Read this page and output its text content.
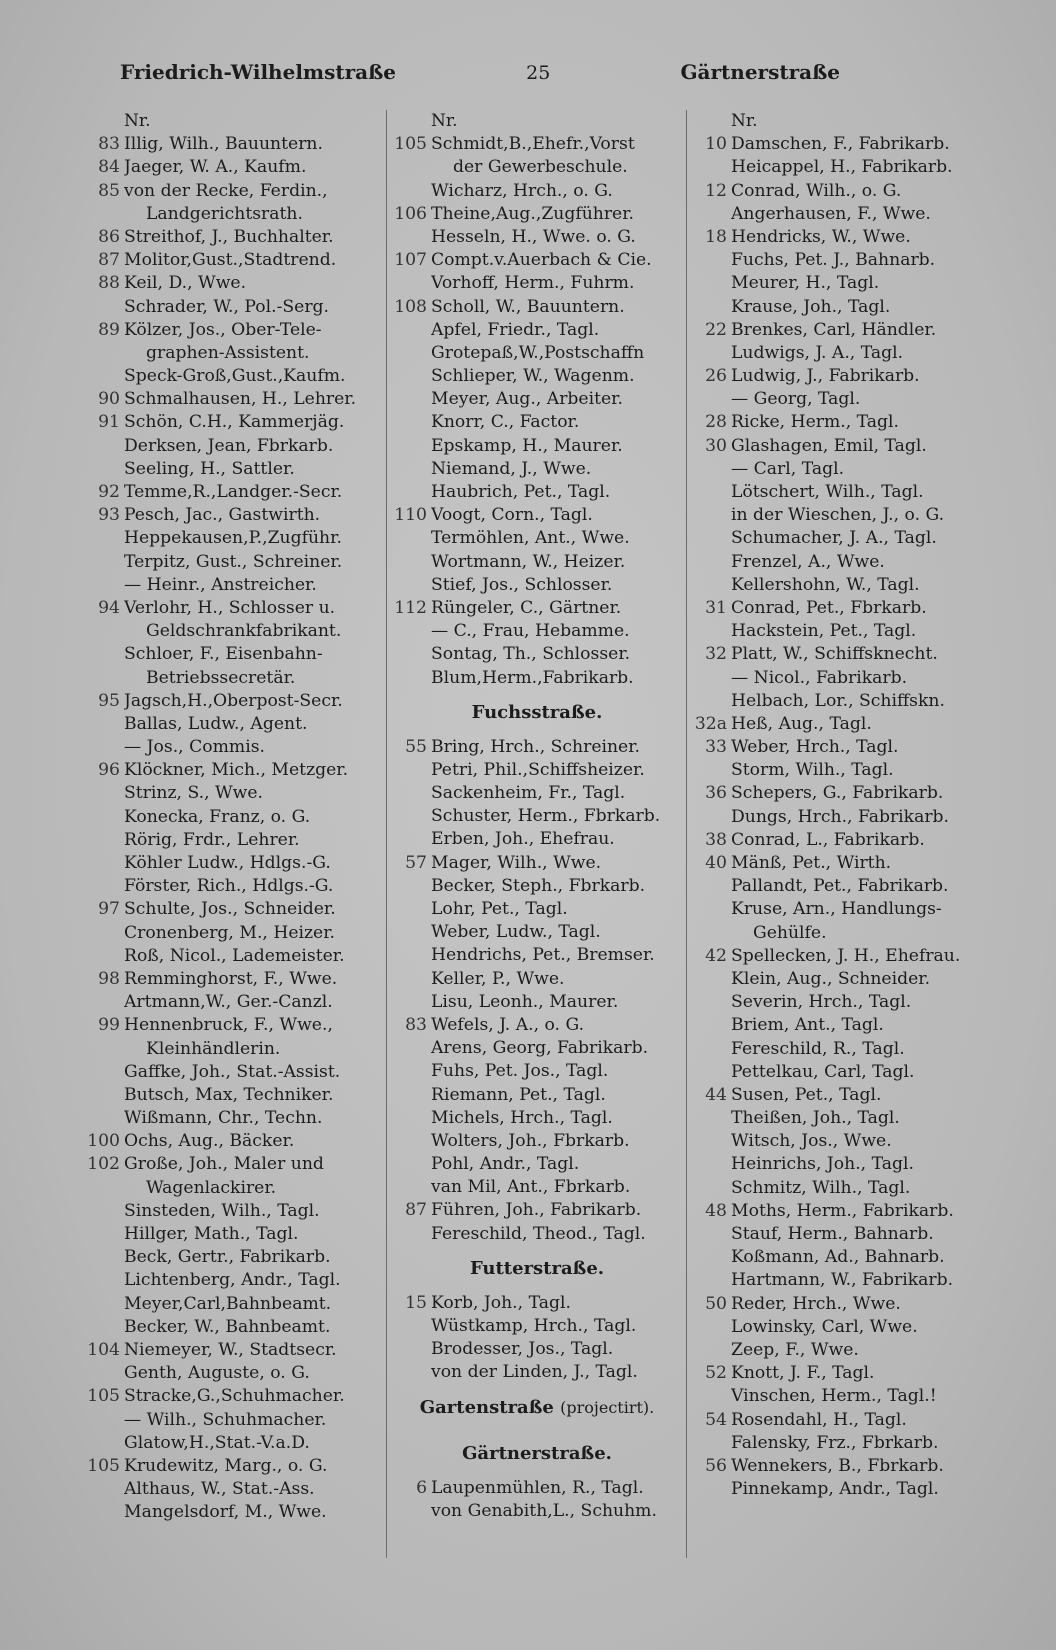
Friedrich-Wilhelmstraße	25	Gärtnerstraße
Nr.
83 Illig, Wilh., Bauuntern.
84 Jaeger, W. A., Kaufm.
85 von der Recke, Ferdin.,
Landgerichtsrath.
86 Streithof, J., Buchhalter.
87 Molitor,Gust.,Stadtrend.
88 Keil, D., Wwe.
Schrader, W., Pol.-Serg.
89 Kölzer, Jos., Ober-Tele-
graphen-Assistent.
Speck-Groß,Gust.,Kaufm.
90 Schmalhausen, H., Lehrer.
91 Schön, C.H., Kammerjäg.
Derksen, Jean, Fbrkarb.
Seeling, H., Sattler.
92 Temme,R.,Landger.-Secr.
93 Pesch, Jac., Gastwirth.
Heppekausen,P.,Zugführ.
Terpitz, Gust., Schreiner.
— Heinr., Anstreicher.
94 Verlohr, H., Schlosser u.
Geldschrankfabrikant.
Schloer, F., Eisenbahn-
Betriebssecretär.
95 Jagsch,H.,Oberpost-Secr.
Ballas, Ludw., Agent.
— Jos., Commis.
96 Klöckner, Mich., Metzger.
Strinz, S., Wwe.
Konecka, Franz, o. G.
Rörig, Frdr., Lehrer.
Köhler Ludw., Hdlgs.-G.
Förster, Rich., Hdlgs.-G.
97 Schulte, Jos., Schneider.
Cronenberg, M., Heizer.
Roß, Nicol., Lademeister.
98 Remminghorst, F., Wwe.
Artmann,W., Ger.-Canzl.
99 Hennenbruck, F., Wwe.,
Kleinhändlerin.
Gaffke, Joh., Stat.-Assist.
Butsch, Max, Techniker.
Wißmann, Chr., Techn.
100 Ochs, Aug., Bäcker.
102 Große, Joh., Maler und
Wagenlackirer.
Sinsteden, Wilh., Tagl.
Hillger, Math., Tagl.
Beck, Gertr., Fabrikarb.
Lichtenberg, Andr., Tagl.
Meyer,Carl,Bahnbeamt.
Becker, W., Bahnbeamt.
104 Niemeyer, W., Stadtsecr.
Genth, Auguste, o. G.
105 Stracke,G.,Schuhmacher.
— Wilh., Schuhmacher.
Glatow,H.,Stat.-V.a.D.
105 Krudewitz, Marg., o. G.
Althaus, W., Stat.-Ass.
Mangelsdorf, M., Wwe.
Nr.
105 Schmidt,B.,Ehefr.,Vorst
der Gewerbeschule.
Wicharz, Hrch., o. G.
106 Theine,Aug.,Zugführer.
Hesseln, H., Wwe. o. G.
107 Compt.v.Auerbach & Cie.
Vorhoff, Herm., Fuhrm.
108 Scholl, W., Bauuntern.
Apfel, Friedr., Tagl.
Grotepaß,W.,Postschaffn
Schlieper, W., Wagenm.
Meyer, Aug., Arbeiter.
Knorr, C., Factor.
Epskamp, H., Maurer.
Niemand, J., Wwe.
Haubrich, Pet., Tagl.
110 Voogt, Corn., Tagl.
Termöhlen, Ant., Wwe.
Wortmann, W., Heizer.
Stief, Jos., Schlosser.
112 Rüngeler, C., Gärtner.
— C., Frau, Hebamme.
Sontag, Th., Schlosser.
Blum,Herm.,Fabrikarb.
Fuchsstraße.
55 Bring, Hrch., Schreiner.
Petri, Phil.,Schiffsheizer.
Sackenheim, Fr., Tagl.
Schuster, Herm., Fbrkarb.
Erben, Joh., Ehefrau.
57 Mager, Wilh., Wwe.
Becker, Steph., Fbrkarb.
Lohr, Pet., Tagl.
Weber, Ludw., Tagl.
Hendrichs, Pet., Bremser.
Keller, P., Wwe.
Lisu, Leonh., Maurer.
83 Wefels, J. A., o. G.
Arens, Georg, Fabrikarb.
Fuhs, Pet. Jos., Tagl.
Riemann, Pet., Tagl.
Michels, Hrch., Tagl.
Wolters, Joh., Fbrkarb.
Pohl, Andr., Tagl.
van Mil, Ant., Fbrkarb.
87 Führen, Joh., Fabrikarb.
Fereschild, Theod., Tagl.
Futterstraße.
15 Korb, Joh., Tagl.
Wüstkamp, Hrch., Tagl.
Brodesser, Jos., Tagl.
von der Linden, J., Tagl.
Gartenstraße (projectirt).
Gärtnerstraße.
6 Laupenmühlen, R., Tagl.
von Genabith,L., Schuhm.
Nr.
10 Damschen, F., Fabrikarb.
Heicappel, H., Fabrikarb.
12 Conrad, Wilh., o. G.
Angerhausen, F., Wwe.
18 Hendricks, W., Wwe.
Fuchs, Pet. J., Bahnarb.
Meurer, H., Tagl.
Krause, Joh., Tagl.
22 Brenkes, Carl, Händler.
Ludwigs, J. A., Tagl.
26 Ludwig, J., Fabrikarb.
— Georg, Tagl.
28 Ricke, Herm., Tagl.
30 Glashagen, Emil, Tagl.
— Carl, Tagl.
Lötschert, Wilh., Tagl.
in der Wieschen, J., o. G.
Schumacher, J. A., Tagl.
Frenzel, A., Wwe.
Kellershohn, W., Tagl.
31 Conrad, Pet., Fbrkarb.
Hackstein, Pet., Tagl.
32 Platt, W., Schiffsknecht.
— Nicol., Fabrikarb.
Helbach, Lor., Schiffskn.
32a Heß, Aug., Tagl.
33 Weber, Hrch., Tagl.
Storm, Wilh., Tagl.
36 Schepers, G., Fabrikarb.
Dungs, Hrch., Fabrikarb.
38 Conrad, L., Fabrikarb.
40 Mänß, Pet., Wirth.
Pallandt, Pet., Fabrikarb.
Kruse, Arn., Handlungs-
Gehülfe.
42 Spellecken, J. H., Ehefrau.
Klein, Aug., Schneider.
Severin, Hrch., Tagl.
Briem, Ant., Tagl.
Fereschild, R., Tagl.
Pettelkau, Carl, Tagl.
44 Susen, Pet., Tagl.
Theißen, Joh., Tagl.
Witsch, Jos., Wwe.
Heinrichs, Joh., Tagl.
Schmitz, Wilh., Tagl.
48 Moths, Herm., Fabrikarb.
Stauf, Herm., Bahnarb.
Koßmann, Ad., Bahnarb.
Hartmann, W., Fabrikarb.
50 Reder, Hrch., Wwe.
Lowinsky, Carl, Wwe.
Zeep, F., Wwe.
52 Knott, J. F., Tagl.
Vinschen, Herm., Tagl.!
54 Rosendahl, H., Tagl.
Falensky, Frz., Fbrkarb.
56 Wennekers, B., Fbrkarb.
Pinnekamp, Andr., Tagl.
